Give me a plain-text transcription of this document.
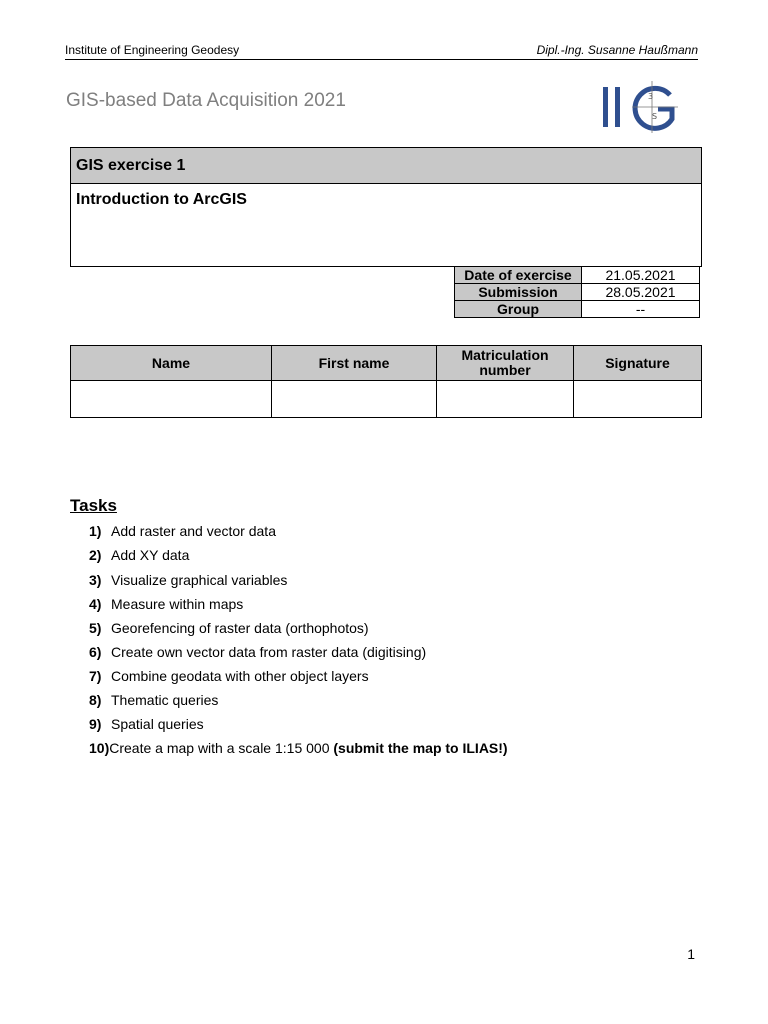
Institute of Engineering Geodesy	Dipl.-Ing. Susanne Haußmann
GIS-based Data Acquisition 2021	3
S
GIS exercise 1
Introduction to ArcGIS
Date of exercise	21.05.2021
Submission	28.05.2021
Group	--
Name	First name	Matriculation number	Signature

Tasks
1) Add raster and vector data
2) Add XY data
3) Visualize graphical variables
4) Measure within maps
5) Georefencing of raster data (orthophotos)
6) Create own vector data from raster data (digitising)
7) Combine geodata with other object layers
8) Thematic queries
9) Spatial queries
10)Create a map with a scale 1:15 000 (submit the map to ILIAS!)
1
